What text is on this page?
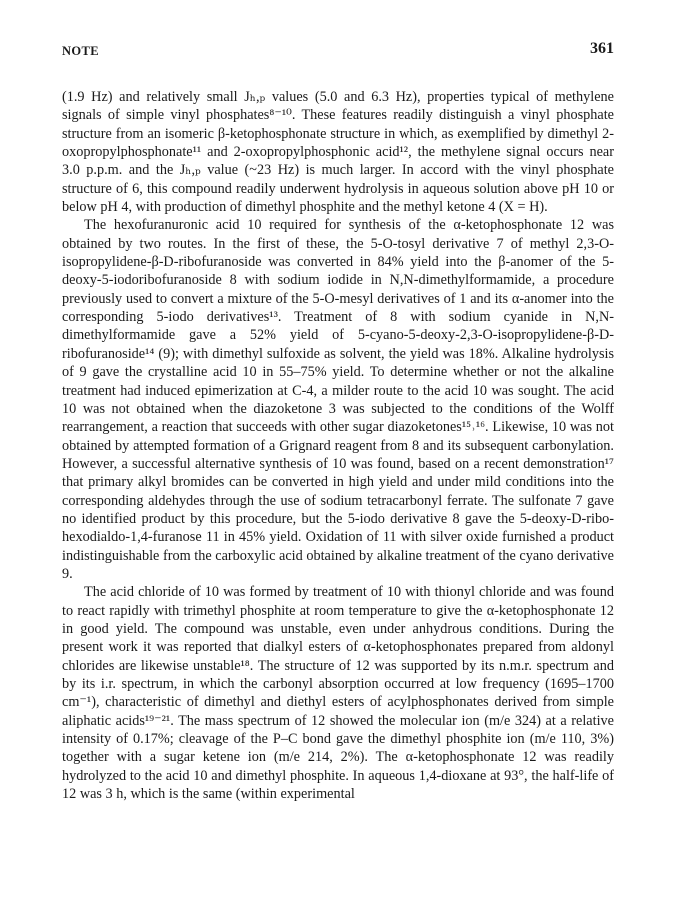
NOTE	361

(1.9 Hz) and relatively small Jₕ,ₚ values (5.0 and 6.3 Hz), properties typical of methylene signals of simple vinyl phosphates⁸⁻¹⁰. These features readily distinguish a vinyl phosphate structure from an isomeric β-ketophosphonate structure in which, as exemplified by dimethyl 2-oxopropylphosphonate¹¹ and 2-oxopropylphosphonic acid¹², the methylene signal occurs near 3.0 p.p.m. and the Jₕ,ₚ value (~23 Hz) is much larger. In accord with the vinyl phosphate structure of 6, this compound readily underwent hydrolysis in aqueous solution above pH 10 or below pH 4, with production of dimethyl phosphite and the methyl ketone 4 (X = H).

The hexofuranuronic acid 10 required for synthesis of the α-ketophosphonate 12 was obtained by two routes. In the first of these, the 5-O-tosyl derivative 7 of methyl 2,3-O-isopropylidene-β-D-ribofuranoside was converted in 84% yield into the β-anomer of the 5-deoxy-5-iodoribofuranoside 8 with sodium iodide in N,N-dimethylformamide, a procedure previously used to convert a mixture of the 5-O-mesyl derivatives of 1 and its α-anomer into the corresponding 5-iodo derivatives¹³. Treatment of 8 with sodium cyanide in N,N-dimethylformamide gave a 52% yield of 5-cyano-5-deoxy-2,3-O-isopropylidene-β-D-ribofuranoside¹⁴ (9); with dimethyl sulfoxide as solvent, the yield was 18%. Alkaline hydrolysis of 9 gave the crystalline acid 10 in 55–75% yield. To determine whether or not the alkaline treatment had induced epimerization at C-4, a milder route to the acid 10 was sought. The acid 10 was not obtained when the diazoketone 3 was subjected to the conditions of the Wolff rearrangement, a reaction that succeeds with other sugar diazoketones¹⁵˒¹⁶. Likewise, 10 was not obtained by attempted formation of a Grignard reagent from 8 and its subsequent carbonylation. However, a successful alternative synthesis of 10 was found, based on a recent demonstration¹⁷ that primary alkyl bromides can be converted in high yield and under mild conditions into the corresponding aldehydes through the use of sodium tetracarbonyl ferrate. The sulfonate 7 gave no identified product by this procedure, but the 5-iodo derivative 8 gave the 5-deoxy-D-ribo-hexodialdo-1,4-furanose 11 in 45% yield. Oxidation of 11 with silver oxide furnished a product indistinguishable from the carboxylic acid obtained by alkaline treatment of the cyano derivative 9.

The acid chloride of 10 was formed by treatment of 10 with thionyl chloride and was found to react rapidly with trimethyl phosphite at room temperature to give the α-ketophosphonate 12 in good yield. The compound was unstable, even under anhydrous conditions. During the present work it was reported that dialkyl esters of α-ketophosphonates prepared from aldonyl chlorides are likewise unstable¹⁸. The structure of 12 was supported by its n.m.r. spectrum and by its i.r. spectrum, in which the carbonyl absorption occurred at low frequency (1695–1700 cm⁻¹), characteristic of dimethyl and diethyl esters of acylphosphonates derived from simple aliphatic acids¹⁹⁻²¹. The mass spectrum of 12 showed the molecular ion (m/e 324) at a relative intensity of 0.17%; cleavage of the P–C bond gave the dimethyl phosphite ion (m/e 110, 3%) together with a sugar ketene ion (m/e 214, 2%). The α-ketophosphonate 12 was readily hydrolyzed to the acid 10 and dimethyl phosphite. In aqueous 1,4-dioxane at 93°, the half-life of 12 was 3 h, which is the same (within experimental
